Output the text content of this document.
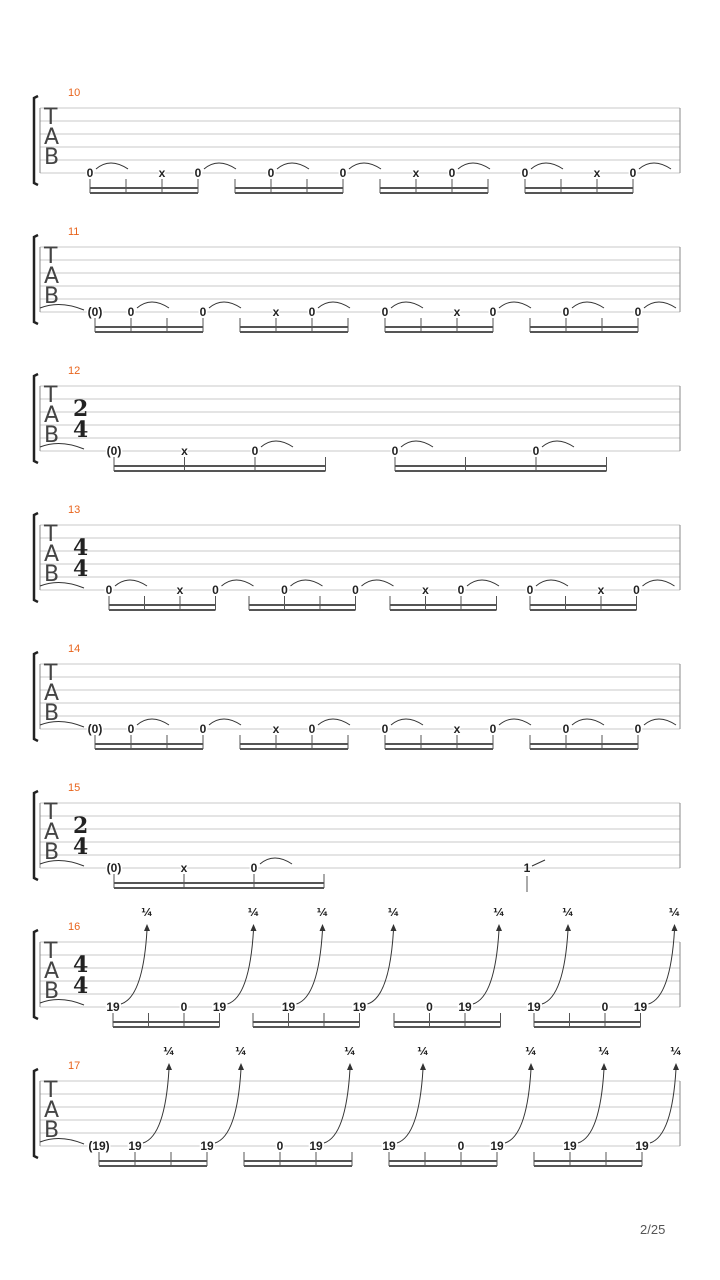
T
A
B
10
0	x 0	0	0	x 0	0	x 0
T
A
B
11
(0) 0	0	x 0	0	x 0	0	0
T
A
B
12
2
4
(0)	x	0	0	0
T
A
B
13
4
4
0	x 0	0	0	x 0	0	x 0
T
A
B
14
(0) 0	0	x 0	0	x 0	0	0
T
A
B
15
2
4
(0)	x	0	1
T
A
B
16
4
4
19
¼
0 19
¼
19
¼
19
¼
0 19
¼
19
¼
0 19
¼
T
A
B
17
(19) 19
¼
19
¼
0 19
¼
19
¼
0 19
¼
19
¼
19
¼
2/25
